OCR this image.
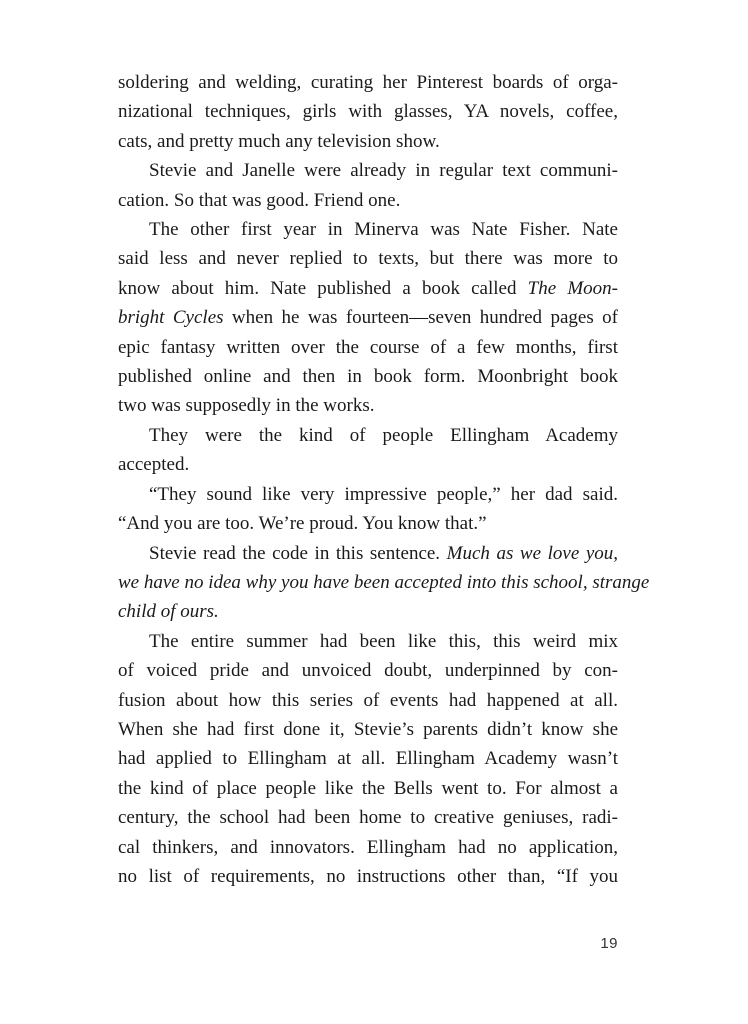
soldering and welding, curating her Pinterest boards of orga-
nizational techniques, girls with glasses, YA novels, coffee,
cats, and pretty much any television show.
Stevie and Janelle were already in regular text communi-
cation. So that was good. Friend one.
The other first year in Minerva was Nate Fisher. Nate
said less and never replied to texts, but there was more to
know about him. Nate published a book called The Moon-
bright Cycles when he was fourteen—seven hundred pages of
epic fantasy written over the course of a few months, first
published online and then in book form. Moonbright book
two was supposedly in the works.
They were the kind of people Ellingham Academy
accepted.
“They sound like very impressive people,” her dad said.
“And you are too. We’re proud. You know that.”
Stevie read the code in this sentence. Much as we love you,
we have no idea why you have been accepted into this school, strange
child of ours.
The entire summer had been like this, this weird mix
of voiced pride and unvoiced doubt, underpinned by con-
fusion about how this series of events had happened at all.
When she had first done it, Stevie’s parents didn’t know she
had applied to Ellingham at all. Ellingham Academy wasn’t
the kind of place people like the Bells went to. For almost a
century, the school had been home to creative geniuses, radi-
cal thinkers, and innovators. Ellingham had no application,
no list of requirements, no instructions other than, “If you
19
